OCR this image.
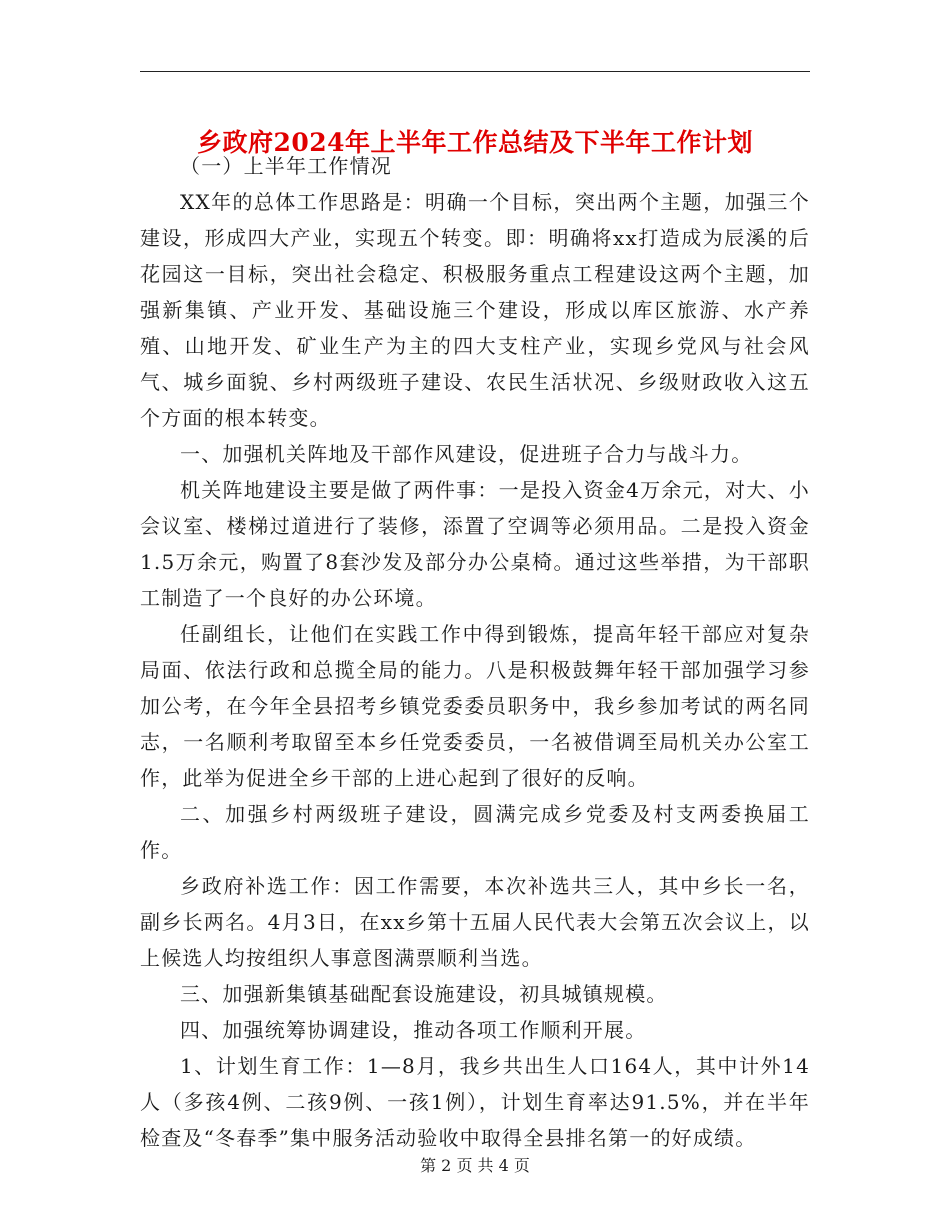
乡政府2024年上半年工作总结及下半年工作计划

（一）上半年工作情况

XX年的总体工作思路是：明确一个目标，突出两个主题，加强三个建设，形成四大产业，实现五个转变。即：明确将xx打造成为辰溪的后花园这一目标，突出社会稳定、积极服务重点工程建设这两个主题，加强新集镇、产业开发、基础设施三个建设，形成以库区旅游、水产养殖、山地开发、矿业生产为主的四大支柱产业，实现乡党风与社会风气、城乡面貌、乡村两级班子建设、农民生活状况、乡级财政收入这五个方面的根本转变。

一、加强机关阵地及干部作风建设，促进班子合力与战斗力。

机关阵地建设主要是做了两件事：一是投入资金4万余元，对大、小会议室、楼梯过道进行了装修，添置了空调等必须用品。二是投入资金1.5万余元，购置了8套沙发及部分办公桌椅。通过这些举措，为干部职工制造了一个良好的办公环境。

任副组长，让他们在实践工作中得到锻炼，提高年轻干部应对复杂局面、依法行政和总揽全局的能力。八是积极鼓舞年轻干部加强学习参加公考，在今年全县招考乡镇党委委员职务中，我乡参加考试的两名同志，一名顺利考取留至本乡任党委委员，一名被借调至局机关办公室工作，此举为促进全乡干部的上进心起到了很好的反响。

二、加强乡村两级班子建设，圆满完成乡党委及村支两委换届工作。

乡政府补选工作：因工作需要，本次补选共三人，其中乡长一名，副乡长两名。4月3日，在xx乡第十五届人民代表大会第五次会议上，以上候选人均按组织人事意图满票顺利当选。

三、加强新集镇基础配套设施建设，初具城镇规模。

四、加强统筹协调建设，推动各项工作顺利开展。

1、计划生育工作：1—8月，我乡共出生人口164人，其中计外14人（多孩4例、二孩9例、一孩1例），计划生育率达91.5%，并在半年检查及“冬春季”集中服务活动验收中取得全县排名第一的好成绩。

第 2 页 共 4 页
